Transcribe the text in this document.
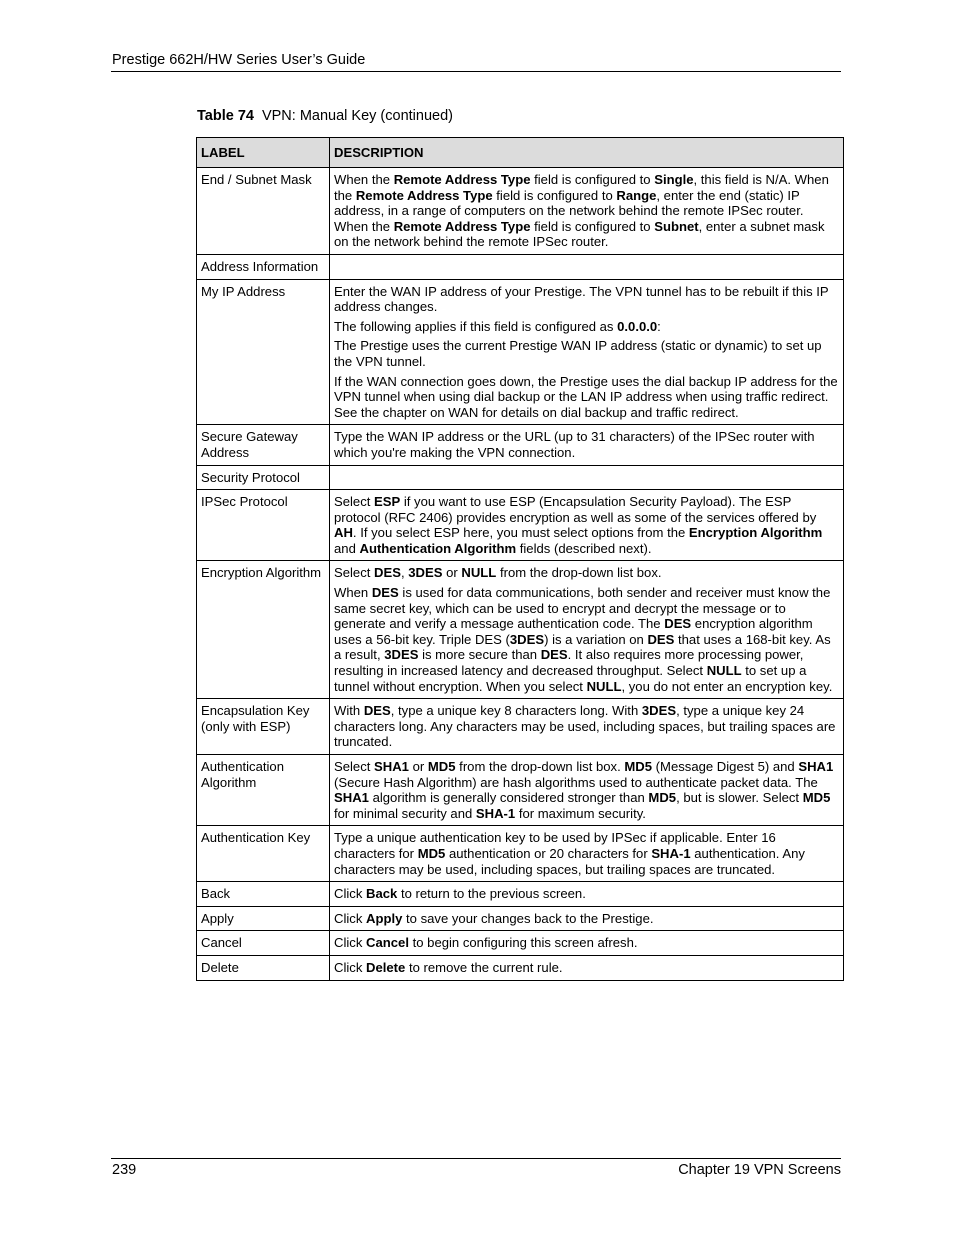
Prestige 662H/HW Series User’s Guide
Table 74 VPN: Manual Key (continued)
LABEL	DESCRIPTION
End / Subnet Mask	When the Remote Address Type field is configured to Single, this field is N/A. When the Remote Address Type field is configured to Range, enter the end (static) IP address, in a range of computers on the network behind the remote IPSec router. When the Remote Address Type field is configured to Subnet, enter a subnet mask on the network behind the remote IPSec router.

Address Information	
My IP Address	Enter the WAN IP address of your Prestige. The VPN tunnel has to be rebuilt if this IP address changes.

The following applies if this field is configured as 0.0.0.0:

The Prestige uses the current Prestige WAN IP address (static or dynamic) to set up the VPN tunnel.

If the WAN connection goes down, the Prestige uses the dial backup IP address for the VPN tunnel when using dial backup or the LAN IP address when using traffic redirect. See the chapter on WAN for details on dial backup and traffic redirect.

Secure Gateway Address	Type the WAN IP address or the URL (up to 31 characters) of the IPSec router with which you're making the VPN connection.

Security Protocol	
IPSec Protocol	Select ESP if you want to use ESP (Encapsulation Security Payload). The ESP protocol (RFC 2406) provides encryption as well as some of the services offered by AH. If you select ESP here, you must select options from the Encryption Algorithm and Authentication Algorithm fields (described next).

Encryption Algorithm	Select DES, 3DES or NULL from the drop-down list box.

When DES is used for data communications, both sender and receiver must know the same secret key, which can be used to encrypt and decrypt the message or to generate and verify a message authentication code. The DES encryption algorithm uses a 56-bit key. Triple DES (3DES) is a variation on DES that uses a 168-bit key. As a result, 3DES is more secure than DES. It also requires more processing power, resulting in increased latency and decreased throughput. Select NULL to set up a tunnel without encryption. When you select NULL, you do not enter an encryption key.

Encapsulation Key (only with ESP)	With DES, type a unique key 8 characters long. With 3DES, type a unique key 24 characters long. Any characters may be used, including spaces, but trailing spaces are truncated.

Authentication Algorithm	Select SHA1 or MD5 from the drop-down list box. MD5 (Message Digest 5) and SHA1 (Secure Hash Algorithm) are hash algorithms used to authenticate packet data. The SHA1 algorithm is generally considered stronger than MD5, but is slower. Select MD5 for minimal security and SHA-1 for maximum security.

Authentication Key	Type a unique authentication key to be used by IPSec if applicable. Enter 16 characters for MD5 authentication or 20 characters for SHA-1 authentication. Any characters may be used, including spaces, but trailing spaces are truncated.

Back	Click Back to return to the previous screen.

Apply	Click Apply to save your changes back to the Prestige.

Cancel	Click Cancel to begin configuring this screen afresh.

Delete	Click Delete to remove the current rule.

239	Chapter 19 VPN Screens
